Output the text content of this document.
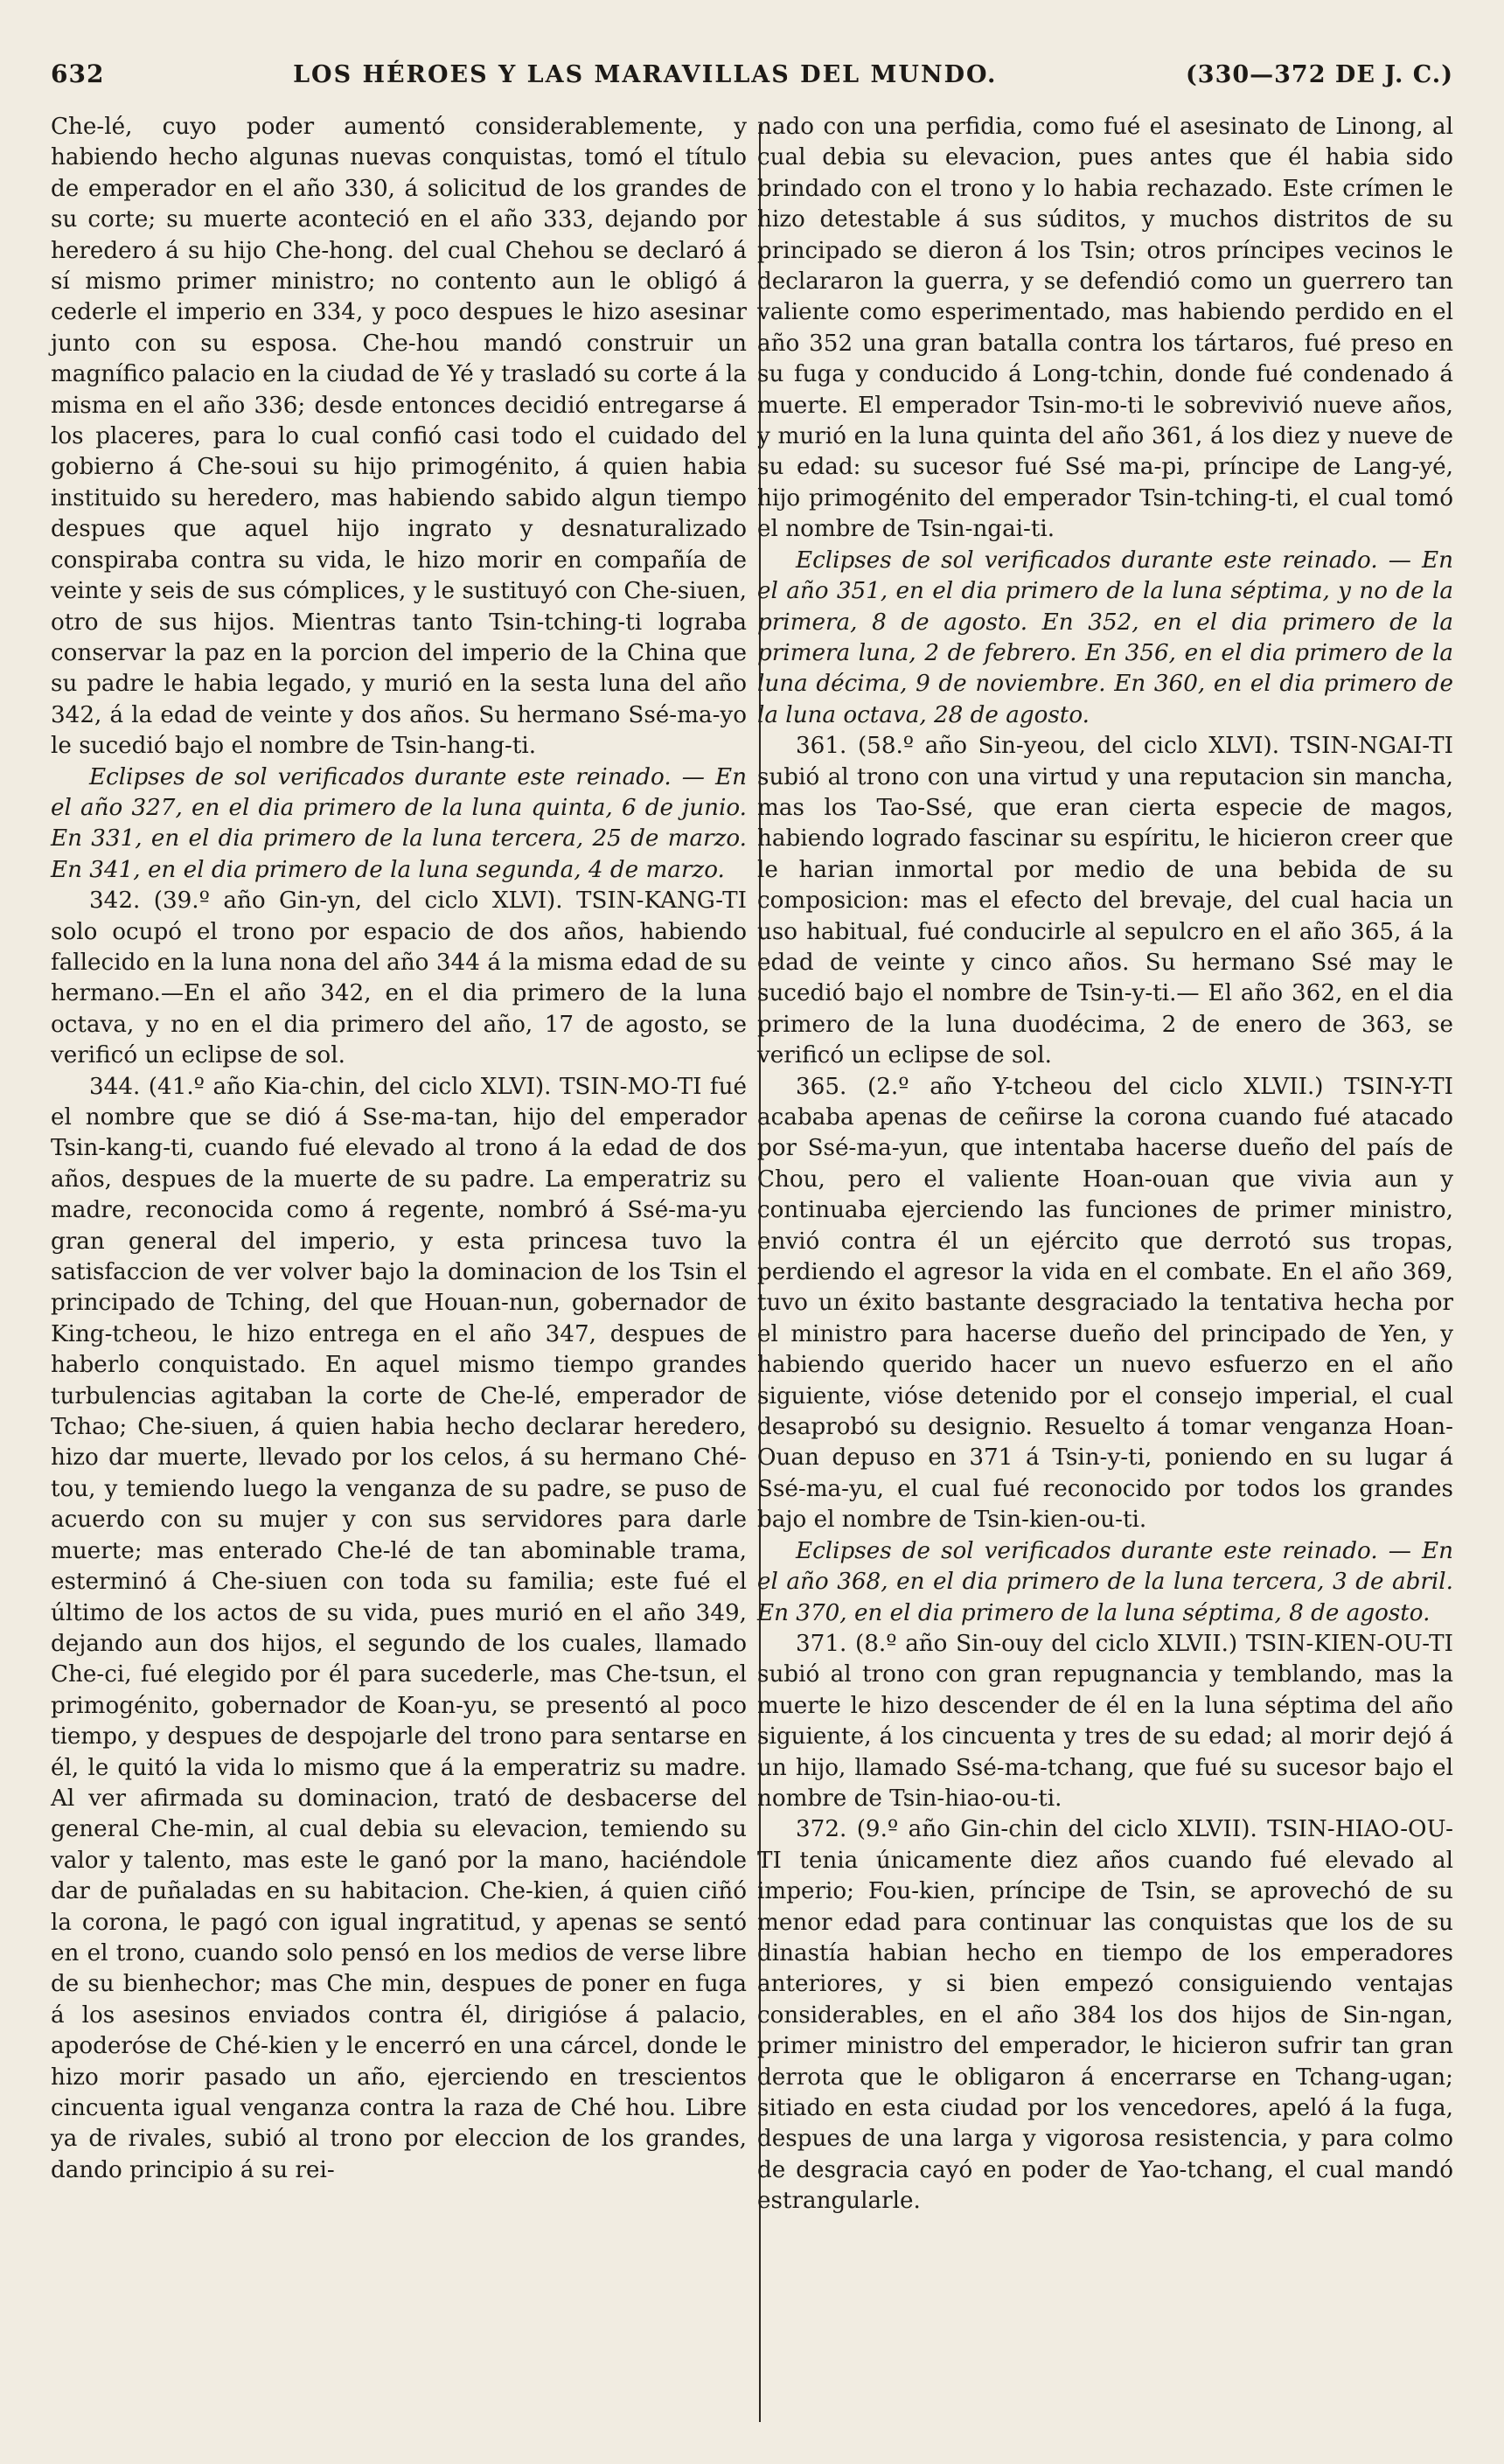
632	LOS HÉROES Y LAS MARAVILLAS DEL MUNDO.	(330—372 DE J. C.)

Che-lé, cuyo poder aumentó considerablemente, y habiendo hecho algunas nuevas conquistas, tomó el título de emperador en el año 330, á solicitud de los grandes de su corte; su muerte aconteció en el año 333, dejando por heredero á su hijo Che-hong. del cual Chehou se declaró á sí mismo primer ministro; no contento aun le obligó á cederle el imperio en 334, y poco despues le hizo asesinar junto con su esposa. Che-hou mandó construir un magnífico palacio en la ciudad de Yé y trasladó su corte á la misma en el año 336; desde entonces decidió entregarse á los placeres, para lo cual confió casi todo el cuidado del gobierno á Che-soui su hijo primogénito, á quien habia instituido su heredero, mas habiendo sabido algun tiempo despues que aquel hijo ingrato y desnaturalizado conspiraba contra su vida, le hizo morir en compañía de veinte y seis de sus cómplices, y le sustituyó con Che-siuen, otro de sus hijos. Mientras tanto Tsin-tching-ti lograba conservar la paz en la porcion del imperio de la China que su padre le habia legado, y murió en la sesta luna del año 342, á la edad de veinte y dos años. Su hermano Ssé-ma-yo le sucedió bajo el nombre de Tsin-hang-ti.

Eclipses de sol verificados durante este reinado. — En el año 327, en el dia primero de la luna quinta, 6 de junio. En 331, en el dia primero de la luna tercera, 25 de marzo. En 341, en el dia primero de la luna segunda, 4 de marzo.

342. (39.º año Gin-yn, del ciclo XLVI). TSIN-KANG-TI solo ocupó el trono por espacio de dos años, habiendo fallecido en la luna nona del año 344 á la misma edad de su hermano.—En el año 342, en el dia primero de la luna octava, y no en el dia primero del año, 17 de agosto, se verificó un eclipse de sol.

344. (41.º año Kia-chin, del ciclo XLVI). TSIN-MO-TI fué el nombre que se dió á Sse-ma-tan, hijo del emperador Tsin-kang-ti, cuando fué elevado al trono á la edad de dos años, despues de la muerte de su padre. La emperatriz su madre, reconocida como á regente, nombró á Ssé-ma-yu gran general del imperio, y esta princesa tuvo la satisfaccion de ver volver bajo la dominacion de los Tsin el principado de Tching, del que Houan-nun, gobernador de King-tcheou, le hizo entrega en el año 347, despues de haberlo conquistado. En aquel mismo tiempo grandes turbulencias agitaban la corte de Che-lé, emperador de Tchao; Che-siuen, á quien habia hecho declarar heredero, hizo dar muerte, llevado por los celos, á su hermano Ché-tou, y temiendo luego la venganza de su padre, se puso de acuerdo con su mujer y con sus servidores para darle muerte; mas enterado Che-lé de tan abominable trama, esterminó á Che-siuen con toda su familia; este fué el último de los actos de su vida, pues murió en el año 349, dejando aun dos hijos, el segundo de los cuales, llamado Che-ci, fué elegido por él para sucederle, mas Che-tsun, el primogénito, gobernador de Koan-yu, se presentó al poco tiempo, y despues de despojarle del trono para sentarse en él, le quitó la vida lo mismo que á la emperatriz su madre. Al ver afirmada su dominacion, trató de desbacerse del general Che-min, al cual debia su elevacion, temiendo su valor y talento, mas este le ganó por la mano, haciéndole dar de puñaladas en su habitacion. Che-kien, á quien ciñó la corona, le pagó con igual ingratitud, y apenas se sentó en el trono, cuando solo pensó en los medios de verse libre de su bienhechor; mas Che min, despues de poner en fuga á los asesinos enviados contra él, dirigióse á palacio, apoderóse de Ché-kien y le encerró en una cárcel, donde le hizo morir pasado un año, ejerciendo en trescientos cincuenta igual venganza contra la raza de Ché hou. Libre ya de rivales, subió al trono por eleccion de los grandes, dando principio á su rei-

nado con una perfidia, como fué el asesinato de Linong, al cual debia su elevacion, pues antes que él habia sido brindado con el trono y lo habia rechazado. Este crímen le hizo detestable á sus súditos, y muchos distritos de su principado se dieron á los Tsin; otros príncipes vecinos le declararon la guerra, y se defendió como un guerrero tan valiente como esperimentado, mas habiendo perdido en el año 352 una gran batalla contra los tártaros, fué preso en su fuga y conducido á Long-tchin, donde fué condenado á muerte. El emperador Tsin-mo-ti le sobrevivió nueve años, y murió en la luna quinta del año 361, á los diez y nueve de su edad: su sucesor fué Ssé ma-pi, príncipe de Lang-yé, hijo primogénito del emperador Tsin-tching-ti, el cual tomó el nombre de Tsin-ngai-ti.

Eclipses de sol verificados durante este reinado. — En el año 351, en el dia primero de la luna séptima, y no de la primera, 8 de agosto. En 352, en el dia primero de la primera luna, 2 de febrero. En 356, en el dia primero de la luna décima, 9 de noviembre. En 360, en el dia primero de la luna octava, 28 de agosto.

361. (58.º año Sin-yeou, del ciclo XLVI). TSIN-NGAI-TI subió al trono con una virtud y una reputacion sin mancha, mas los Tao-Ssé, que eran cierta especie de magos, habiendo logrado fascinar su espíritu, le hicieron creer que le harian inmortal por medio de una bebida de su composicion: mas el efecto del brevaje, del cual hacia un uso habitual, fué conducirle al sepulcro en el año 365, á la edad de veinte y cinco años. Su hermano Ssé may le sucedió bajo el nombre de Tsin-y-ti.— El año 362, en el dia primero de la luna duodécima, 2 de enero de 363, se verificó un eclipse de sol.

365. (2.º año Y-tcheou del ciclo XLVII.) TSIN-Y-TI acababa apenas de ceñirse la corona cuando fué atacado por Ssé-ma-yun, que intentaba hacerse dueño del país de Chou, pero el valiente Hoan-ouan que vivia aun y continuaba ejerciendo las funciones de primer ministro, envió contra él un ejército que derrotó sus tropas, perdiendo el agresor la vida en el combate. En el año 369, tuvo un éxito bastante desgraciado la tentativa hecha por el ministro para hacerse dueño del principado de Yen, y habiendo querido hacer un nuevo esfuerzo en el año siguiente, vióse detenido por el consejo imperial, el cual desaprobó su designio. Resuelto á tomar venganza Hoan-Ouan depuso en 371 á Tsin-y-ti, poniendo en su lugar á Ssé-ma-yu, el cual fué reconocido por todos los grandes bajo el nombre de Tsin-kien-ou-ti.

Eclipses de sol verificados durante este reinado. — En el año 368, en el dia primero de la luna tercera, 3 de abril. En 370, en el dia primero de la luna séptima, 8 de agosto.

371. (8.º año Sin-ouy del ciclo XLVII.) TSIN-KIEN-OU-TI subió al trono con gran repugnancia y temblando, mas la muerte le hizo descender de él en la luna séptima del año siguiente, á los cincuenta y tres de su edad; al morir dejó á un hijo, llamado Ssé-ma-tchang, que fué su sucesor bajo el nombre de Tsin-hiao-ou-ti.

372. (9.º año Gin-chin del ciclo XLVII). TSIN-HIAO-OU-TI tenia únicamente diez años cuando fué elevado al imperio; Fou-kien, príncipe de Tsin, se aprovechó de su menor edad para continuar las conquistas que los de su dinastía habian hecho en tiempo de los emperadores anteriores, y si bien empezó consiguiendo ventajas considerables, en el año 384 los dos hijos de Sin-ngan, primer ministro del emperador, le hicieron sufrir tan gran derrota que le obligaron á encerrarse en Tchang-ugan; sitiado en esta ciudad por los vencedores, apeló á la fuga, despues de una larga y vigorosa resistencia, y para colmo de desgracia cayó en poder de Yao-tchang, el cual mandó estrangularle.
